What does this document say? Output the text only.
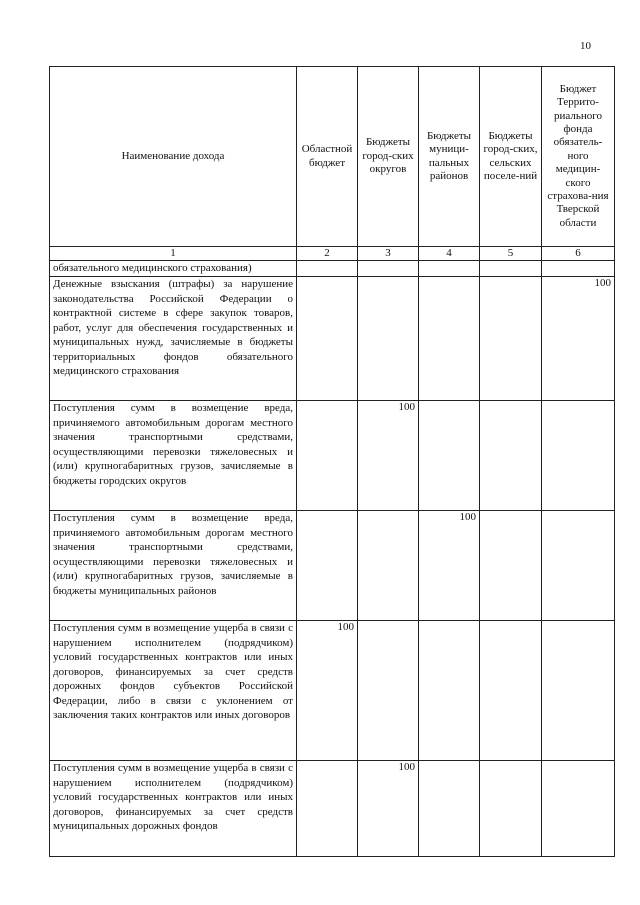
10
Наименование дохода	Областной бюджет	Бюджеты город-ских округов	Бюджеты муници-пальных районов	Бюджеты город-ских, сельских поселе-ний	Бюджет Террито-риального фонда обязатель-ного медицин-ского страхова-ния Тверской области
1	2	3	4	5	6
обязательного медицинского страхования)					
Денежные взыскания (штрафы) за нарушение законодательства Российской Федерации о контрактной системе в сфере закупок товаров, работ, услуг для обеспечения государственных и муниципальных нужд, зачисляемые в бюджеты территориальных фондов обязательного медицинского страхования					100
Поступления сумм в возмещение вреда, причиняемого автомобильным дорогам местного значения транспортными средствами, осуществляющими перевозки тяжеловесных и (или) крупногабаритных грузов, зачисляемые в бюджеты городских округов		100			
Поступления сумм в возмещение вреда, причиняемого автомобильным дорогам местного значения транспортными средствами, осуществляющими перевозки тяжеловесных и (или) крупногабаритных грузов, зачисляемые в бюджеты муниципальных районов			100		
Поступления сумм в возмещение ущерба в связи с нарушением исполнителем (подрядчиком) условий государственных контрактов или иных договоров, финансируемых за счет средств дорожных фондов субъектов Российской Федерации, либо в связи с уклонением от заключения таких контрактов или иных договоров	100				
Поступления сумм в возмещение ущерба в связи с нарушением исполнителем (подрядчиком) условий государственных контрактов или иных договоров, финансируемых за счет средств муниципальных дорожных фондов		100			
